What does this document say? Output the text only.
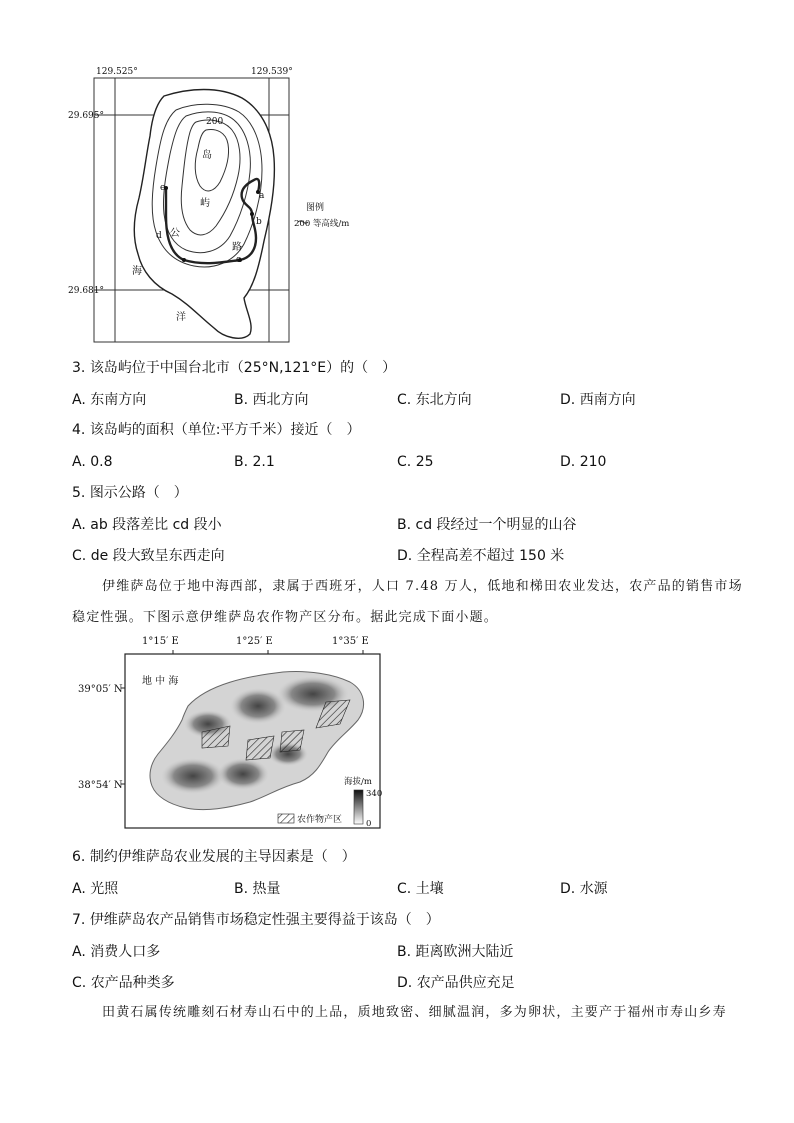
129.525°	129.539°
29.695°
29.681°
200
岛
屿
公
路
e
d
c
b
a
海
洋
图例
200 等高线/m
3. 该岛屿位于中国台北市（25°N,121°E）的（　）
A. 东南方向	B. 西北方向	C. 东北方向	D. 西南方向
4. 该岛屿的面积（单位:平方千米）接近（　）
A. 0.8	B. 2.1	C. 25	D. 210
5. 图示公路（　）
A. ab 段落差比 cd 段小	B. cd 段经过一个明显的山谷
C. de 段大致呈东西走向	D. 全程高差不超过 150 米
伊维萨岛位于地中海西部，隶属于西班牙，人口 7.48 万人，低地和梯田农业发达，农产品的销售市场
稳定性强。下图示意伊维萨岛农作物产区分布。据此完成下面小题。
1°15′ E	1°25′ E	1°35′ E
39°05′ N
38°54′ N
地 中 海
海拔/m
340
0
农作物产区
6. 制约伊维萨岛农业发展的主导因素是（　）
A. 光照	B. 热量	C. 土壤	D. 水源
7. 伊维萨岛农产品销售市场稳定性强主要得益于该岛（　）
A. 消费人口多	B. 距离欧洲大陆近
C. 农产品种类多	D. 农产品供应充足
田黄石属传统雕刻石材寿山石中的上品，质地致密、细腻温润，多为卵状，主要产于福州市寿山乡寿
